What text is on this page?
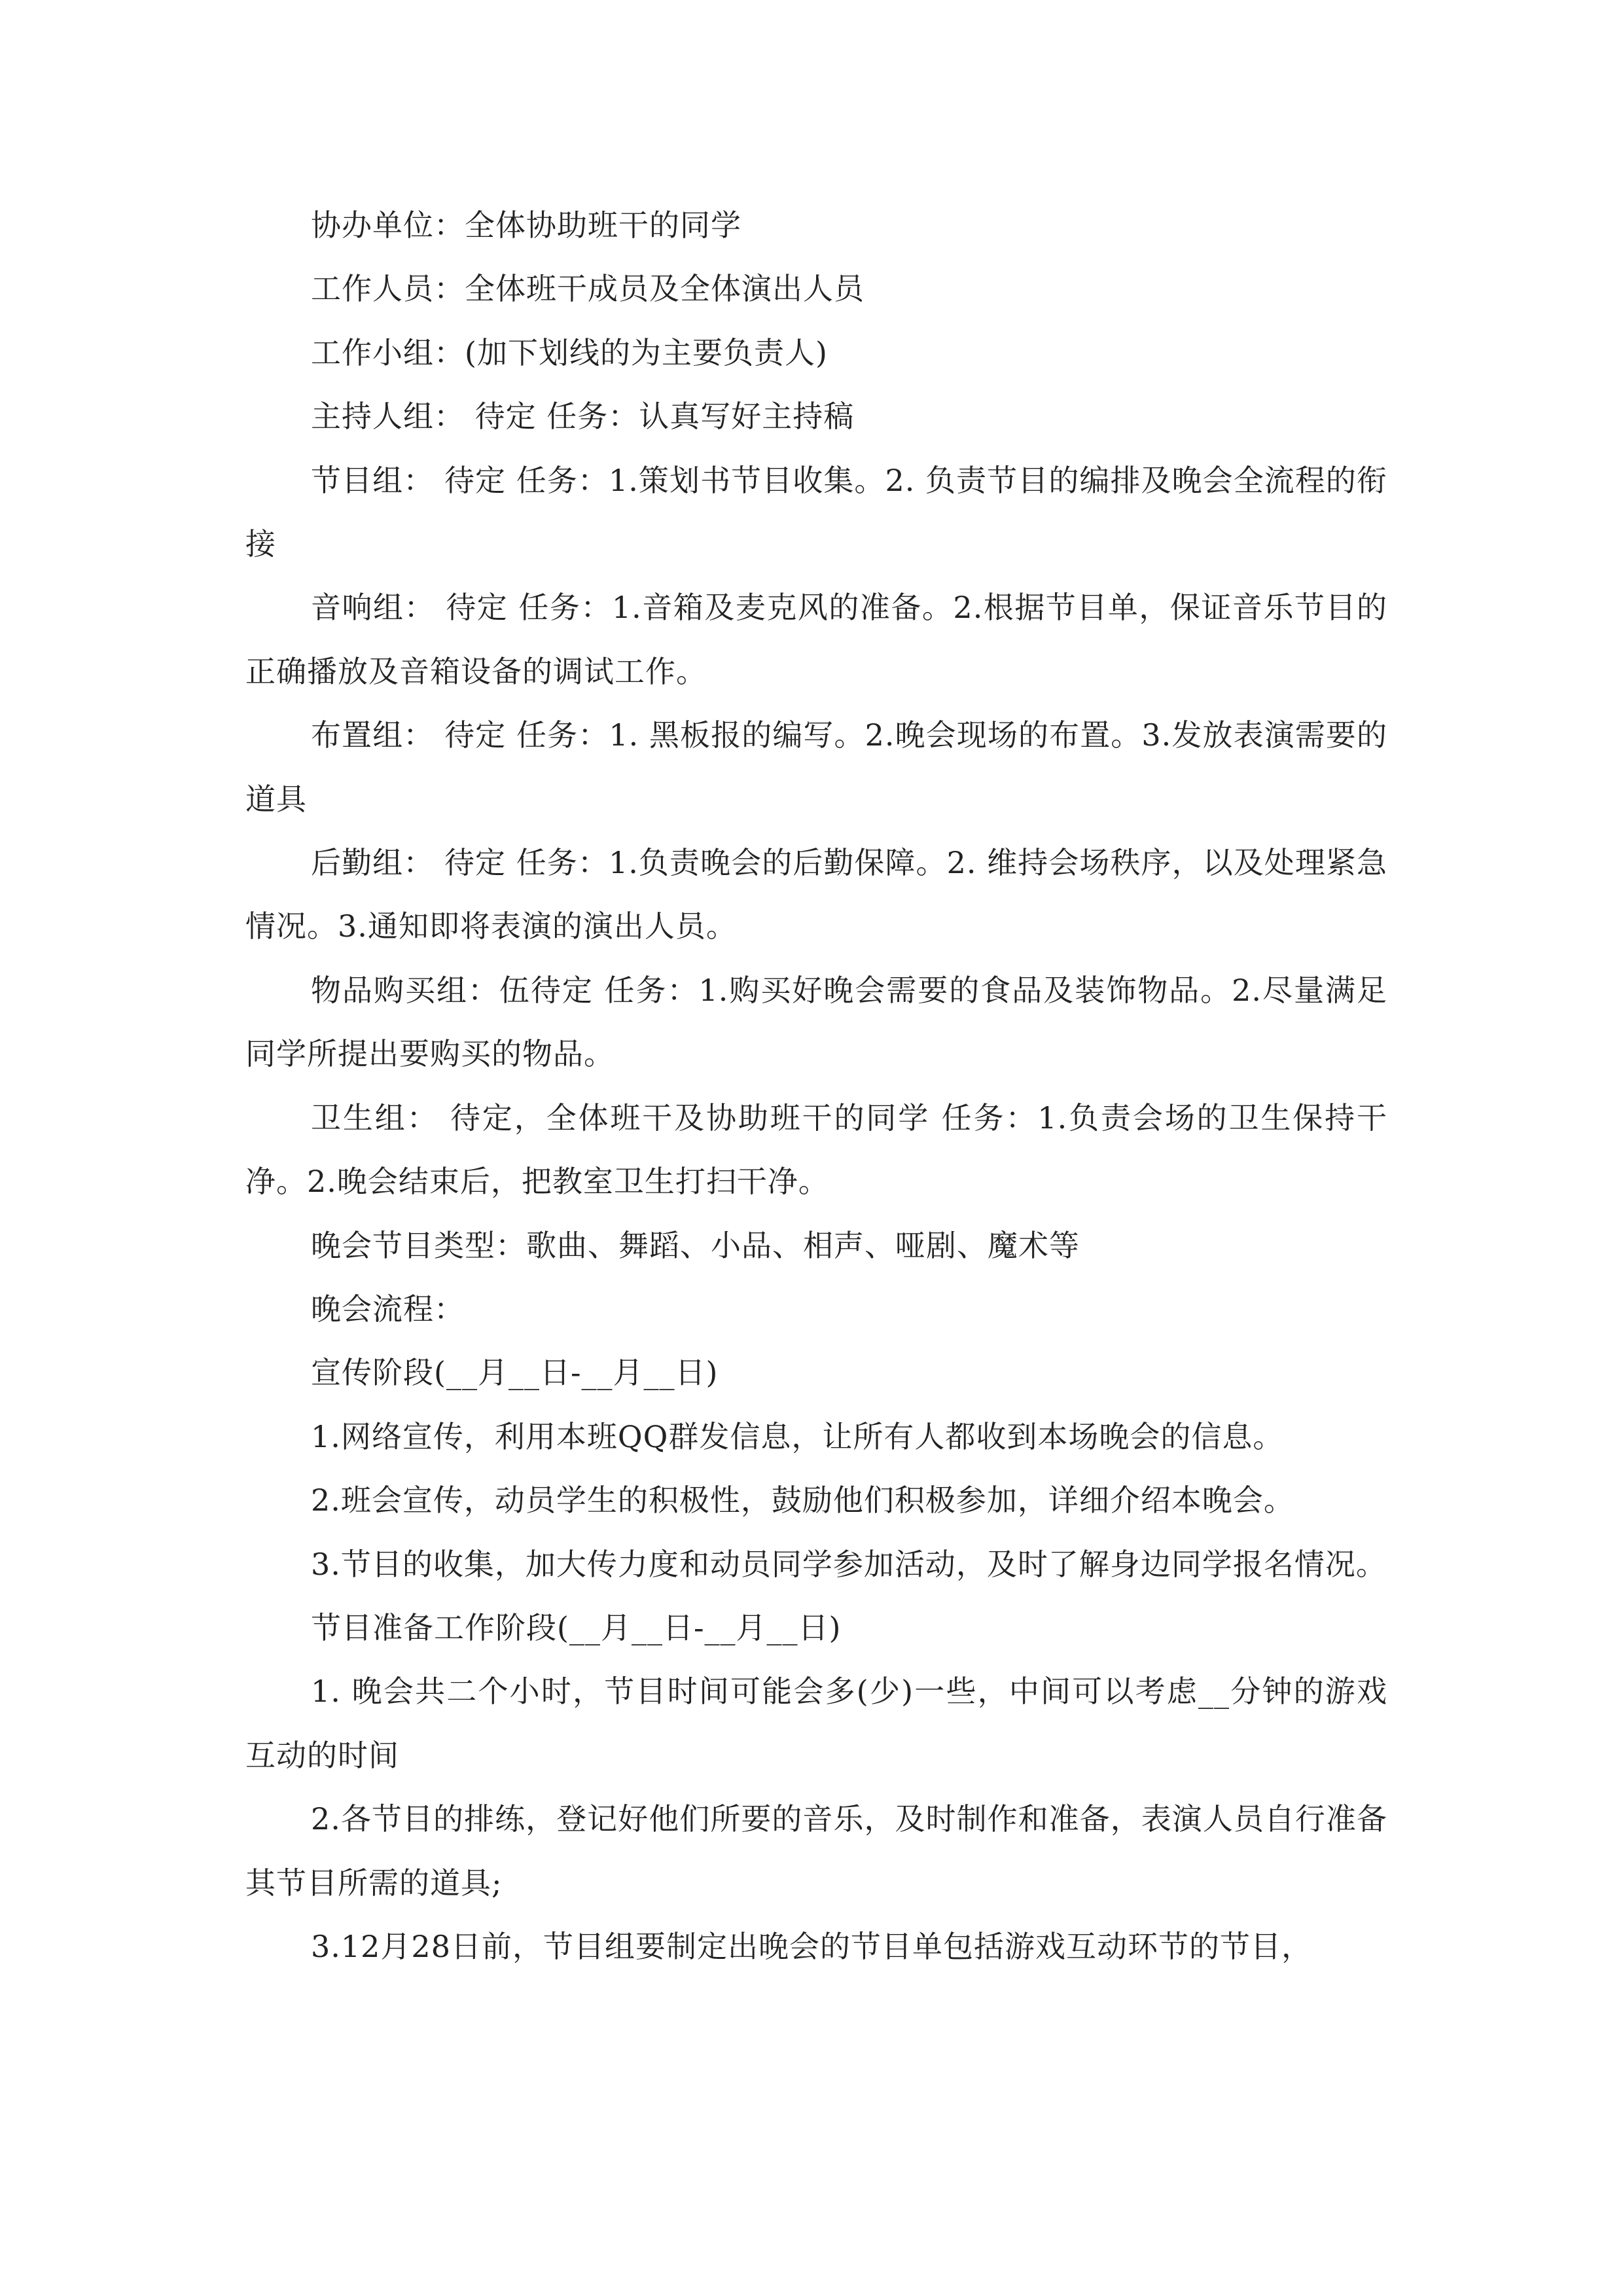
协办单位：全体协助班干的同学

工作人员：全体班干成员及全体演出人员

工作小组：(加下划线的为主要负责人)

主持人组： 待定 任务：认真写好主持稿

节目组： 待定 任务：1.策划书节目收集。2. 负责节目的编排及晚会全流程的衔接

音响组： 待定 任务：1.音箱及麦克风的准备。2.根据节目单，保证音乐节目的正确播放及音箱设备的调试工作。

布置组： 待定 任务：1. 黑板报的编写。2.晚会现场的布置。3.发放表演需要的道具

后勤组： 待定 任务：1.负责晚会的后勤保障。2. 维持会场秩序，以及处理紧急情况。3.通知即将表演的演出人员。

物品购买组：伍待定 任务：1.购买好晚会需要的食品及装饰物品。2.尽量满足同学所提出要购买的物品。

卫生组： 待定，全体班干及协助班干的同学 任务：1.负责会场的卫生保持干净。2.晚会结束后，把教室卫生打扫干净。

晚会节目类型：歌曲、舞蹈、小品、相声、哑剧、魔术等

晚会流程：

宣传阶段(__月__日-__月__日)

1.网络宣传，利用本班QQ群发信息，让所有人都收到本场晚会的信息。

2.班会宣传，动员学生的积极性，鼓励他们积极参加，详细介绍本晚会。

3.节目的收集，加大传力度和动员同学参加活动，及时了解身边同学报名情况。

节目准备工作阶段(__月__日-__月__日)

1. 晚会共二个小时，节目时间可能会多(少)一些，中间可以考虑__分钟的游戏互动的时间

2.各节目的排练，登记好他们所要的音乐，及时制作和准备，表演人员自行准备其节目所需的道具;

3.12月28日前，节目组要制定出晚会的节目单包括游戏互动环节的节目，
